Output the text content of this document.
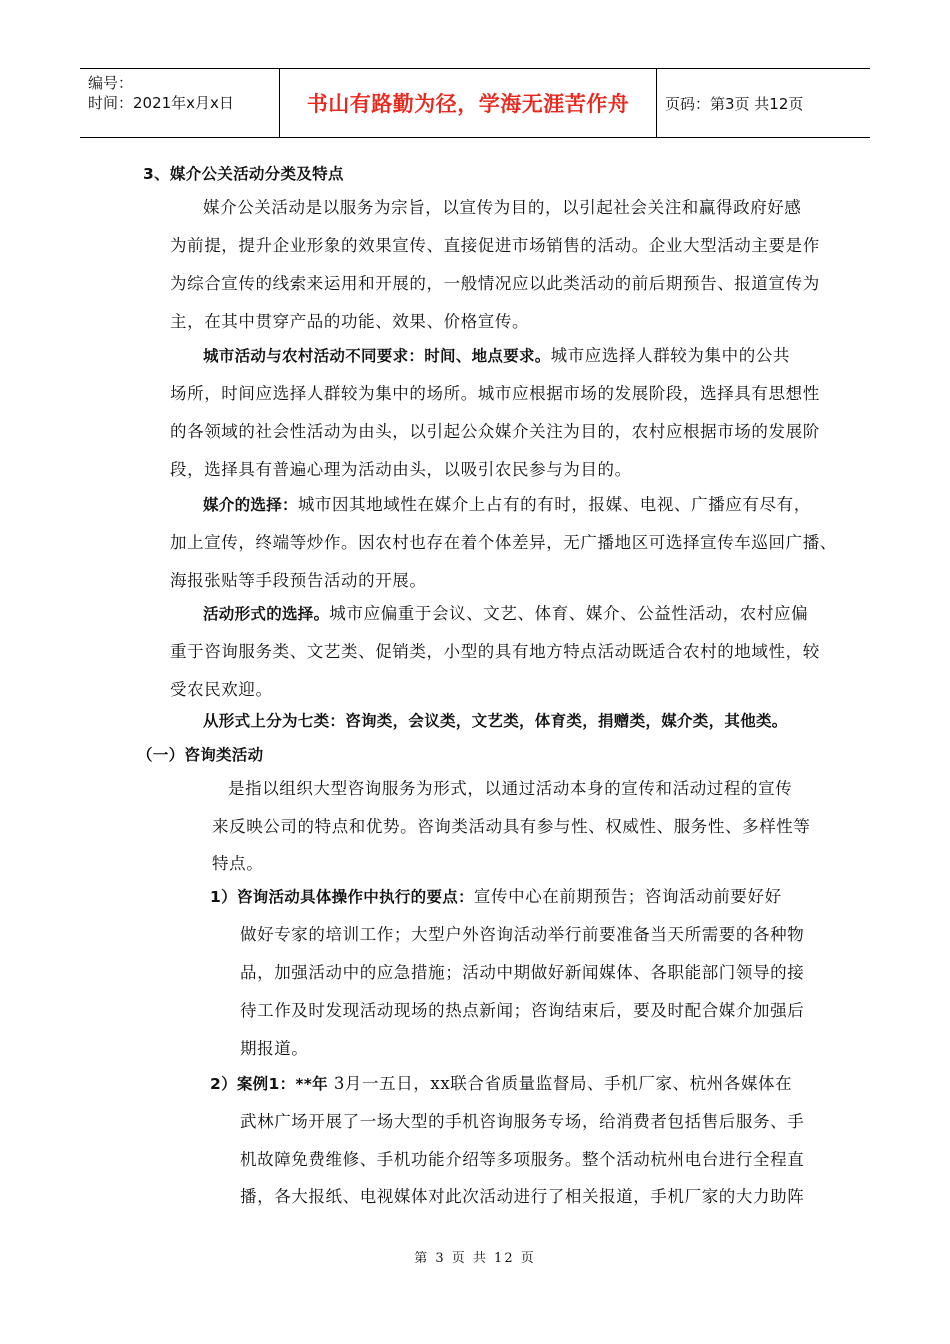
编号：
时间：2021年x月x日	书山有路勤为径，学海无涯苦作舟	页码：第3页 共12页
3、媒介公关活动分类及特点
媒介公关活动是以服务为宗旨，以宣传为目的，以引起社会关注和赢得政府好感
为前提，提升企业形象的效果宣传、直接促进市场销售的活动。企业大型活动主要是作
为综合宣传的线索来运用和开展的，一般情况应以此类活动的前后期预告、报道宣传为
主，在其中贯穿产品的功能、效果、价格宣传。
城市活动与农村活动不同要求：时间、地点要求。城市应选择人群较为集中的公共
场所，时间应选择人群较为集中的场所。城市应根据市场的发展阶段，选择具有思想性
的各领域的社会性活动为由头，以引起公众媒介关注为目的，农村应根据市场的发展阶
段，选择具有普遍心理为活动由头，以吸引农民参与为目的。
媒介的选择：城市因其地域性在媒介上占有的有时，报媒、电视、广播应有尽有，
加上宣传，终端等炒作。因农村也存在着个体差异，无广播地区可选择宣传车巡回广播、
海报张贴等手段预告活动的开展。
活动形式的选择。城市应偏重于会议、文艺、体育、媒介、公益性活动，农村应偏
重于咨询服务类、文艺类、促销类，小型的具有地方特点活动既适合农村的地域性，较
受农民欢迎。
从形式上分为七类：咨询类，会议类，文艺类，体育类，捐赠类，媒介类，其他类。
（一）咨询类活动
是指以组织大型咨询服务为形式，以通过活动本身的宣传和活动过程的宣传
来反映公司的特点和优势。咨询类活动具有参与性、权威性、服务性、多样性等
特点。
1）咨询活动具体操作中执行的要点：宣传中心在前期预告；咨询活动前要好好
做好专家的培训工作；大型户外咨询活动举行前要准备当天所需要的各种物
品，加强活动中的应急措施；活动中期做好新闻媒体、各职能部门领导的接
待工作及时发现活动现场的热点新闻；咨询结束后，要及时配合媒介加强后
期报道。
2）案例1：**年 3月一五日，xx联合省质量监督局、手机厂家、杭州各媒体在
武林广场开展了一场大型的手机咨询服务专场，给消费者包括售后服务、手
机故障免费维修、手机功能介绍等多项服务。整个活动杭州电台进行全程直
播，各大报纸、电视媒体对此次活动进行了相关报道，手机厂家的大力助阵
第 3 页 共 12 页
